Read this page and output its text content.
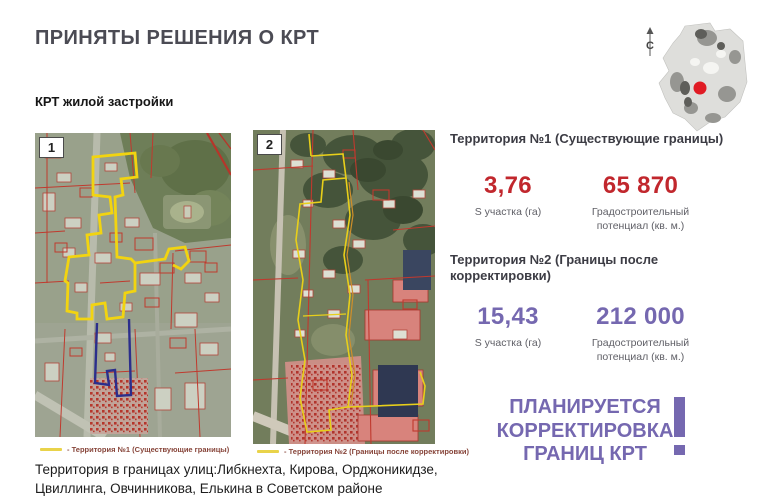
ПРИНЯТЫ РЕШЕНИЯ О КРТ
КРТ жилой застройки
1	2
- Территория №1 (Существующие границы)	- Территория №2 (Границы после корректировки)
Территория в границах улиц:Либкнехта, Кирова, Орджоникидзе, Цвиллинга, Овчинникова, Елькина в Советском районе
Территория №1 (Существующие границы)
3,76
S участка (га)
65 870
Градостроительный потенциал (кв. м.)
Территория №2 (Границы после корректировки)
15,43
S участка (га)
212 000
Градостроительный потенциал (кв. м.)
ПЛАНИРУЕТСЯ КОРРЕКТИРОВКА ГРАНИЦ КРТ
С
